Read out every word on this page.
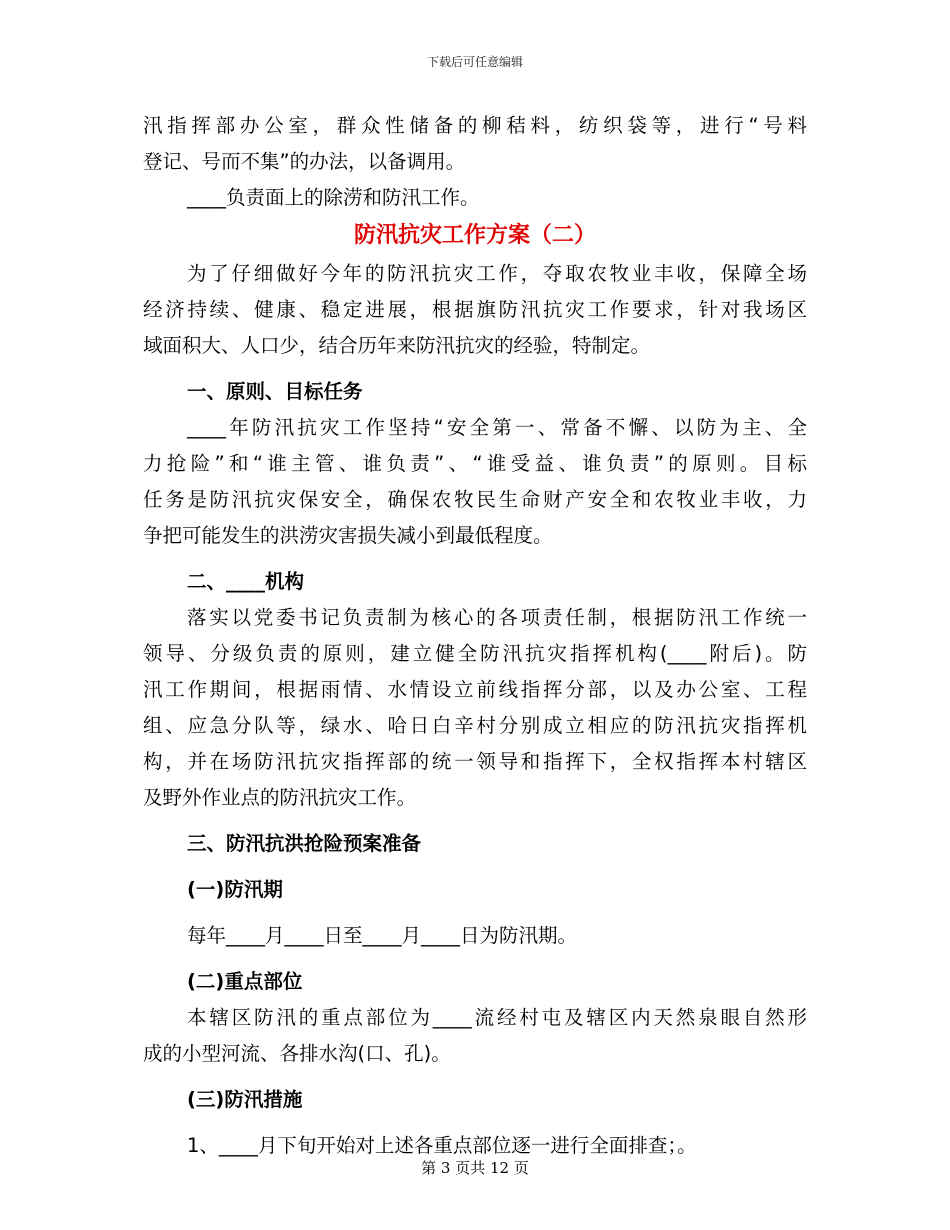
下载后可任意编辑
汛指挥部办公室，群众性储备的柳秸料，纺织袋等，进行“号料
登记、号而不集”的办法，以备调用。
____负责面上的除涝和防汛工作。
防汛抗灾工作方案（二）
为了仔细做好今年的防汛抗灾工作，夺取农牧业丰收，保障全场
经济持续、健康、稳定进展，根据旗防汛抗灾工作要求，针对我场区
域面积大、人口少，结合历年来防汛抗灾的经验，特制定。
一、原则、目标任务
____年防汛抗灾工作坚持“安全第一、常备不懈、以防为主、全
力抢险”和“谁主管、谁负责”、“谁受益、谁负责”的原则。目标
任务是防汛抗灾保安全，确保农牧民生命财产安全和农牧业丰收，力
争把可能发生的洪涝灾害损失减小到最低程度。
二、____机构
落实以党委书记负责制为核心的各项责任制，根据防汛工作统一
领导、分级负责的原则，建立健全防汛抗灾指挥机构(____附后)。防
汛工作期间，根据雨情、水情设立前线指挥分部，以及办公室、工程
组、应急分队等，绿水、哈日白辛村分别成立相应的防汛抗灾指挥机
构，并在场防汛抗灾指挥部的统一领导和指挥下，全权指挥本村辖区
及野外作业点的防汛抗灾工作。
三、防汛抗洪抢险预案准备
(一)防汛期
每年____月____日至____月____日为防汛期。
(二)重点部位
本辖区防汛的重点部位为____流经村屯及辖区内天然泉眼自然形
成的小型河流、各排水沟(口、孔)。
(三)防汛措施
1、____月下旬开始对上述各重点部位逐一进行全面排查；。
第 3 页共 12 页
